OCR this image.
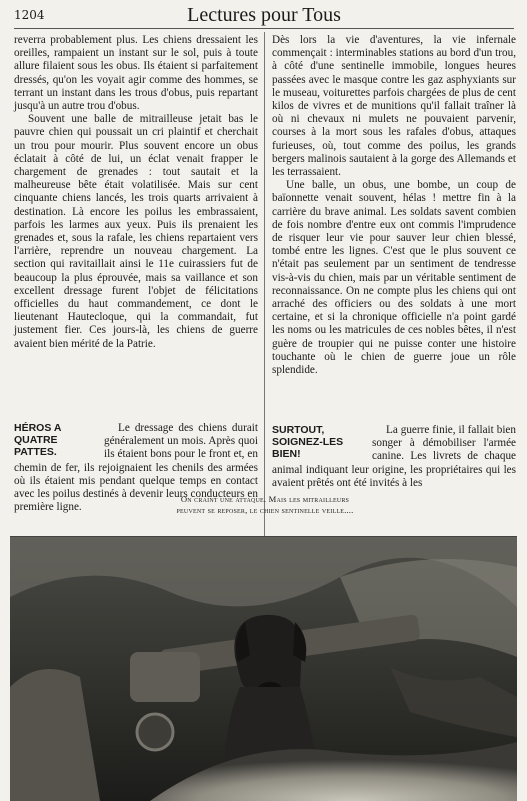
1204	Lectures pour Tous

reverra probablement plus. Les chiens dressaient les oreilles, rampaient un instant sur le sol, puis à toute allure filaient sous les obus. Ils étaient si parfaitement dressés, qu'on les voyait agir comme des hommes, se terrant un instant dans les trous d'obus, puis repartant jusqu'à un autre trou d'obus.

Souvent une balle de mitrailleuse jetait bas le pauvre chien qui poussait un cri plaintif et cherchait un trou pour mourir. Plus souvent encore un obus éclatait à côté de lui, un éclat venait frapper le chargement de grenades : tout sautait et la malheureuse bête était volatilisée. Mais sur cent cinquante chiens lancés, les trois quarts arrivaient à destination. Là encore les poilus les embrassaient, parfois les larmes aux yeux. Puis ils prenaient les grenades et, sous la rafale, les chiens repartaient vers l'arrière, reprendre un nouveau chargement. La section qui ravitaillait ainsi le 11e cuirassiers fut de beaucoup la plus éprouvée, mais sa vaillance et son excellent dressage furent l'objet de félicitations officielles du haut commandement, ce dont le lieutenant Hautecloque, qui la commandait, fut justement fier. Ces jours-là, les chiens de guerre avaient bien mérité de la Patrie.

HÉROS A QUATRE PATTES.

Le dressage des chiens durait généralement un mois. Après quoi ils étaient bons pour le front et, en chemin de fer, ils rejoignaient les chenils des armées où ils étaient mis pendant quelque temps en contact avec les poilus destinés à devenir leurs conducteurs en première ligne.

Dès lors la vie d'aventures, la vie infernale commençait : interminables stations au bord d'un trou, à côté d'une sentinelle immobile, longues heures passées avec le masque contre les gaz asphyxiants sur le museau, voiturettes parfois chargées de plus de cent kilos de vivres et de munitions qu'il fallait traîner là où ni chevaux ni mulets ne pouvaient parvenir, courses à la mort sous les rafales d'obus, attaques furieuses, où, tout comme des poilus, les grands bergers malinois sautaient à la gorge des Allemands et les terrassaient.

Une balle, un obus, une bombe, un coup de baïonnette venait souvent, hélas ! mettre fin à la carrière du brave animal. Les soldats savent combien de fois nombre d'entre eux ont commis l'imprudence de risquer leur vie pour sauver leur chien blessé, tombé entre les lignes. C'est que le plus souvent ce n'était pas seulement par un sentiment de tendresse vis-à-vis du chien, mais par un véritable sentiment de reconnaissance. On ne compte plus les chiens qui ont arraché des officiers ou des soldats à une mort certaine, et si la chronique officielle n'a point gardé les noms ou les matricules de ces nobles bêtes, il n'est guère de troupier qui ne puisse conter une histoire touchante où le chien de guerre joue un rôle splendide.

SURTOUT, SOIGNEZ-LES BIEN!

La guerre finie, il fallait bien songer à démobiliser l'armée canine. Les livrets de chaque animal indiquant leur origine, les propriétaires qui les avaient prêtés ont été invités à les

On craint une attaque. Mais les mitrailleurs peuvent se reposer, le chien sentinelle veille....
